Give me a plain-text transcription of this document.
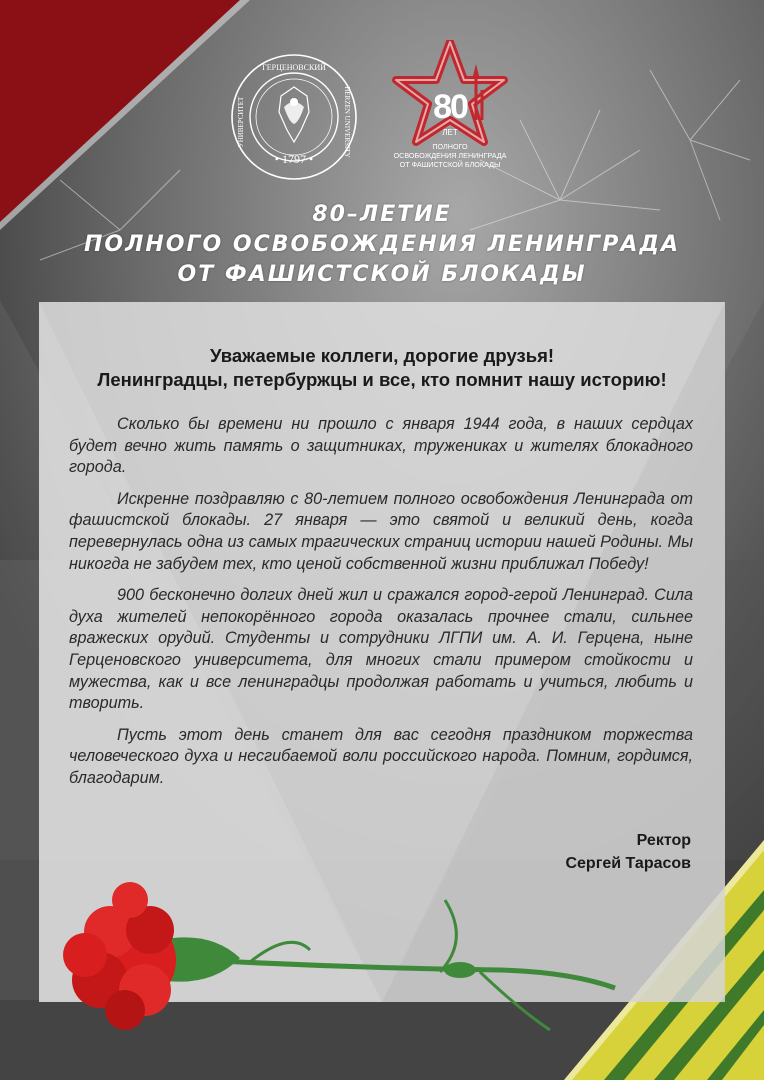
ГЕРЦЕНОВСКИЙ
УНИВЕРСИТЕТ	HERZEN UNIVERSITY
• 1797 •
80
ЛЕТ
ПОЛНОГО
ОСВОБОЖДЕНИЯ ЛЕНИНГРАДА
ОТ ФАШИСТСКОЙ БЛОКАДЫ
80–ЛЕТИЕ
ПОЛНОГО ОСВОБОЖДЕНИЯ ЛЕНИНГРАДА
ОТ ФАШИСТСКОЙ БЛОКАДЫ
Уважаемые коллеги, дорогие друзья!
Ленинградцы, петербуржцы и все, кто помнит нашу историю!

Сколько бы времени ни прошло с января 1944 года, в наших сердцах будет вечно жить память о защитниках, тружениках и жителях блокадного города.

Искренне поздравляю с 80-летием полного освобождения Ленинграда от фашистской блокады. 27 января — это святой и великий день, когда перевернулась одна из самых трагических страниц истории нашей Родины. Мы никогда не забудем тех, кто ценой собственной жизни приближал Победу!

900 бесконечно долгих дней жил и сражался город-герой Ленинград. Сила духа жителей непокорённого города оказалась прочнее стали, сильнее вражеских орудий. Студенты и сотрудники ЛГПИ им. А. И. Герцена, ныне Герценовского университета, для многих стали примером стойкости и мужества, как и все ленинградцы продолжая работать и учиться, любить и творить.

Пусть этот день станет для вас сегодня праздником торжества человеческого духа и несгибаемой воли российского народа. Помним, гордимся, благодарим.

Ректор
Сергей Тарасов
